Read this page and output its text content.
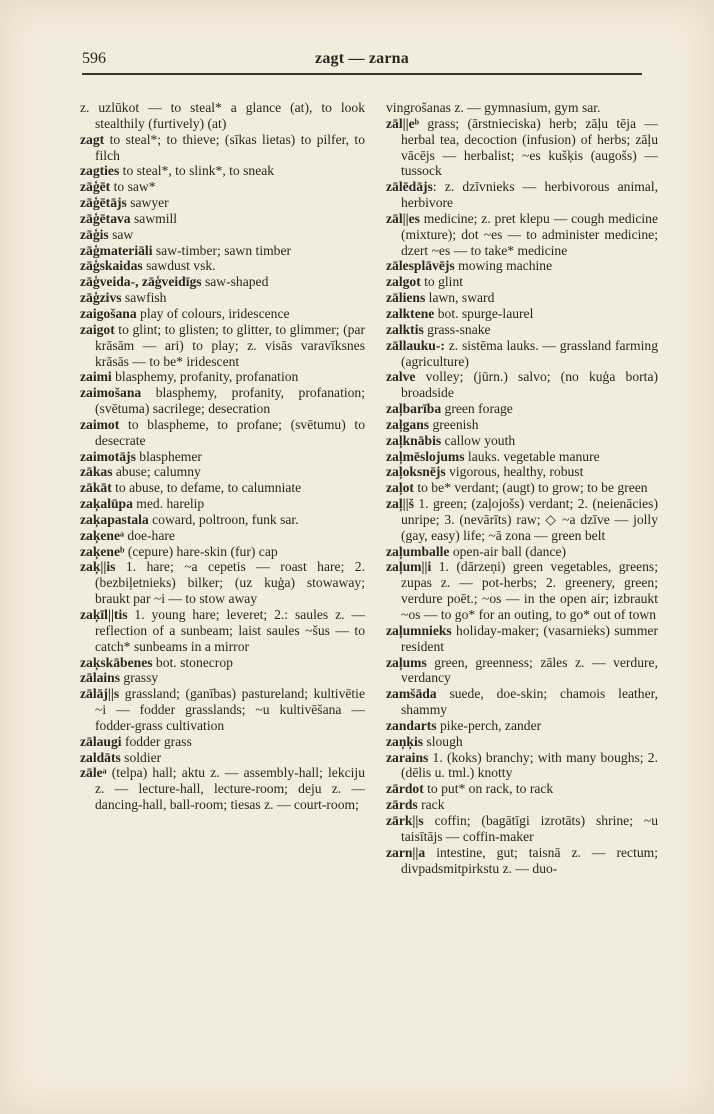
596	zagt — zarna

z. uzlūkot — to steal* a glance (at), to look stealthily (furtively) (at)

zagt to steal*; to thieve; (sīkas lietas) to pilfer, to filch

zagties to steal*, to slink*, to sneak

zāģēt to saw*

zāģētājs sawyer

zāģētava sawmill

zāģis saw

zāģmateriāli saw-timber; sawn timber

zāģskaidas sawdust vsk.

zāģveida-, zāģveidīgs saw-shaped

zāģzivs sawfish

zaigošana play of colours, iridescence

zaigot to glint; to glisten; to glitter, to glimmer; (par krāsām — ari) to play; z. visās varavīksnes krāsās — to be* iridescent

zaimi blasphemy, profanity, profanation

zaimošana blasphemy, profanity, profanation; (svētuma) sacrilege; desecration

zaimot to blaspheme, to profane; (svētumu) to desecrate

zaimotājs blasphemer

zākas abuse; calumny

zākāt to abuse, to defame, to calumniate

zaķalūpa med. harelip

zaķapastala coward, poltroon, funk sar.

zaķeneᵃ doe-hare

zaķeneᵇ (cepure) hare-skin (fur) cap

zaķ||is 1. hare; ~a cepetis — roast hare; 2. (bezbiļetnieks) bilker; (uz kuģa) stowaway; braukt par ~i — to stow away

zaķīl||tis 1. young hare; leveret; 2.: saules z. — reflection of a sunbeam; laist saules ~šus — to catch* sunbeams in a mirror

zaķskābenes bot. stonecrop

zālains grassy

zālāj||s grassland; (ganības) pastureland; kultivētie ~i — fodder grasslands; ~u kultivēšana — fodder-grass cultivation

zālaugi fodder grass

zaldāts soldier

zāleᵃ (telpa) hall; aktu z. — assembly-hall; lekciju z. — lecture-hall, lecture-room; deju z. — dancing-hall, ball-room; tiesas z. — court-room;

vingrošanas z. — gymnasium, gym sar.

zāl||eᵇ grass; (ārstnieciska) herb; zāļu tēja — herbal tea, decoction (infusion) of herbs; zāļu vācējs — herbalist; ~es kušķis (augošs) — tussock

zālēdājs: z. dzīvnieks — herbivorous animal, herbivore

zāl||es medicine; z. pret klepu — cough medicine (mixture); dot ~es — to administer medicine; dzert ~es — to take* medicine

zālesplāvējs mowing machine

zalgot to glint

zāliens lawn, sward

zalktene bot. spurge-laurel

zalktis grass-snake

zāllauku-: z. sistēma lauks. — grassland farming (agriculture)

zalve volley; (jūrn.) salvo; (no kuģa borta) broadside

zaļbarība green forage

zaļgans greenish

zaļknābis callow youth

zaļmēslojums lauks. vegetable manure

zaļoksnējs vigorous, healthy, robust

zaļot to be* verdant; (augt) to grow; to be green

zaļ||š 1. green; (zaļojošs) verdant; 2. (neienācies) unripe; 3. (nevārīts) raw; ◇ ~a dzīve — jolly (gay, easy) life; ~ā zona — green belt

zaļumballe open-air ball (dance)

zaļum||i 1. (dārzeņi) green vegetables, greens; zupas z. — pot-herbs; 2. greenery, green; verdure poēt.; ~os — in the open air; izbraukt ~os — to go* for an outing, to go* out of town

zaļumnieks holiday-maker; (vasarnieks) summer resident

zaļums green, greenness; zāles z. — verdure, verdancy

zamšāda suede, doe-skin; chamois leather, shammy

zandarts pike-perch, zander

zaņķis slough

zarains 1. (koks) branchy; with many boughs; 2. (dēlis u. tml.) knotty

zārdot to put* on rack, to rack

zārds rack

zārk||s coffin; (bagātīgi izrotāts) shrine; ~u taisītājs — coffin-maker

zarn||a intestine, gut; taisnā z. — rectum; divpadsmitpirkstu z. — duo-
